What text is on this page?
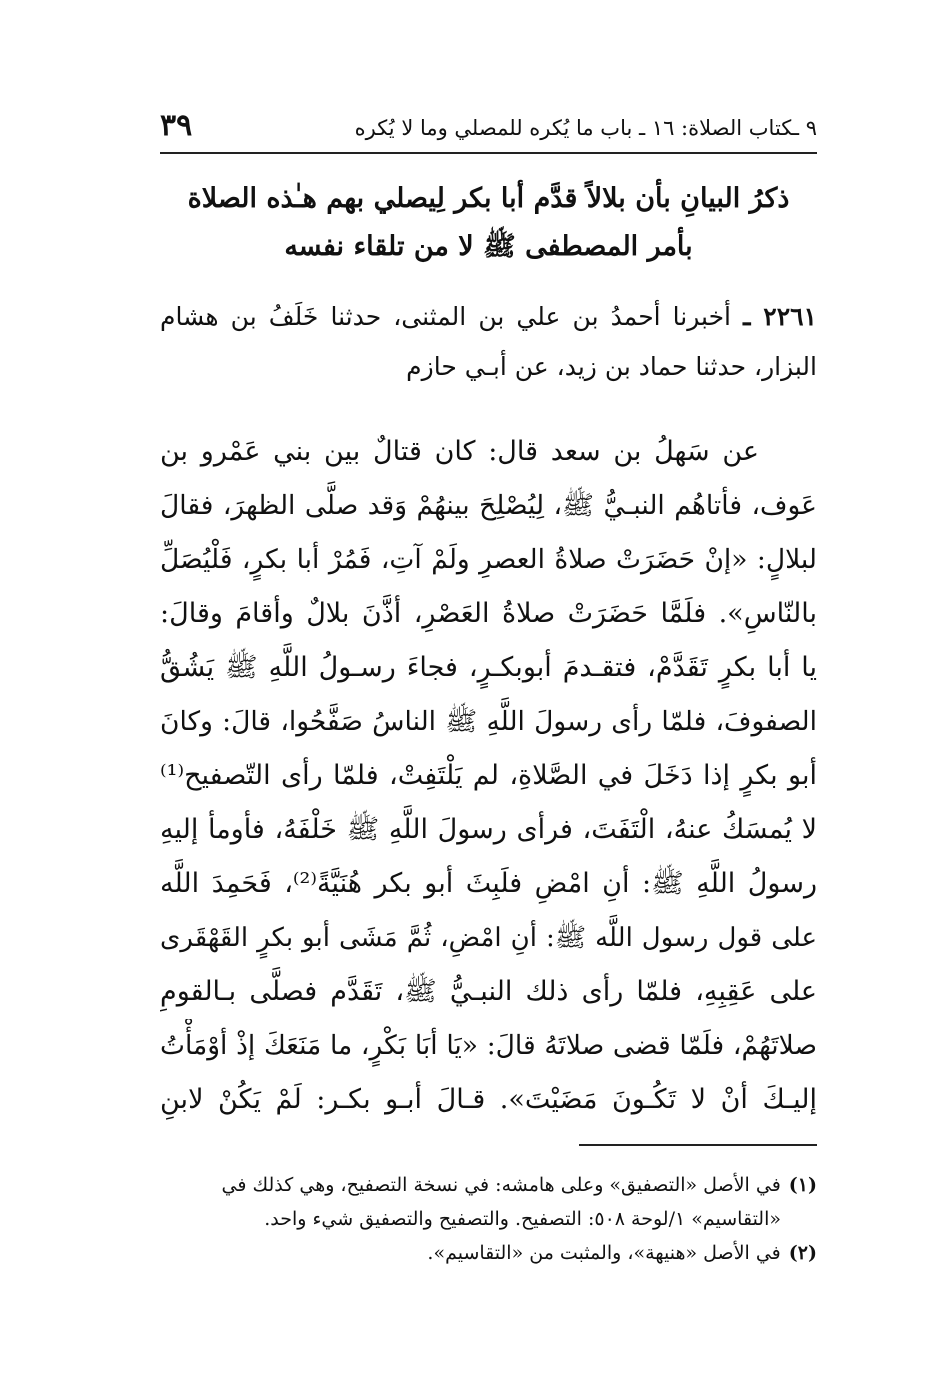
٣٩	٩ ـكتاب الصلاة: ١٦ ـ باب ما يُكره للمصلي وما لا يُكره
ذكرُ البيانِ بأن بلالاً قدَّم أبا بكر لِيصلي بهم هـٰذه الصلاة
بأمر المصطفى ﷺ لا من تلقاء نفسه
٢٢٦١ ـ أخبرنا أحمدُ بن علي بن المثنى، حدثنا خَلَفُ بن هشام البزار، حدثنا حماد بن زيد، عن أبـي حازم
عن سَهلُ بن سعد قال: كان قتالٌ بين بني عَمْرو بن
عَوف، فأتاهُم النبـيُّ ﷺ، لِيُصْلِحَ بينهُمْ وَقد صلَّى الظهرَ، فقالَ
لبلالٍ: «إنْ حَضَرَتْ صلاةُ العصرِ ولَمْ آتِ، فَمُرْ أبا بكرٍ، فَلْيُصَلِّ
بالنّاسِ». فلَمَّا حَضَرَتْ صلاةُ العَصْرِ، أذَّنَ بلالٌ وأقامَ وقالَ:
يا أبا بكرٍ تَقَدَّمْ، فتقـدمَ أبوبكـرٍ، فجاءَ رسـولُ اللَّهِ ﷺ يَشُقُّ
الصفوفَ، فلمّا رأى رسولَ اللَّهِ ﷺ الناسُ صَفَّحُوا، قالَ: وكانَ
أبو بكرٍ إذا دَخَلَ في الصَّلاةِ، لم يَلْتَفِتْ، فلمّا رأى التّصفيح⁽¹⁾
لا يُمسَكُ عنهُ، الْتَفَتَ، فرأى رسولَ اللَّهِ ﷺ خَلْفَهُ، فأومأ إليهِ
رسولُ اللَّهِ ﷺ: أنِ امْضِ فلَبِثَ أبو بكر هُنَيَّةً⁽²⁾، فَحَمِدَ اللَّه
على قول رسول اللَّه ﷺ: أنِ امْضِ، ثُمَّ مَشَى أبو بكرٍ القَهْقَرى
على عَقِبِهِ، فلمّا رأى ذلك النبـيُّ ﷺ، تَقَدَّم فصلَّى بـالقومِ
صلاتَهُمْ، فلَمّا قضى صلاتَهُ قالَ: «يَا أبَا بَكْرٍ، ما مَنَعَكَ إذْ أوْمَأْتُ
إليـكَ أنْ لا تَكُـونَ مَضَيْتَ». قـالَ أبـو بكـر: لَمْ يَكُنْ لابنِ
(١)في الأصل «التصفيق» وعلى هامشه: في نسخة التصفيح، وهي كذلك في
«التقاسيم» ١/لوحة ٥٠٨: التصفيح. والتصفيح والتصفيق شيء واحد.
(٢)في الأصل «هنيهة»، والمثبت من «التقاسيم».
